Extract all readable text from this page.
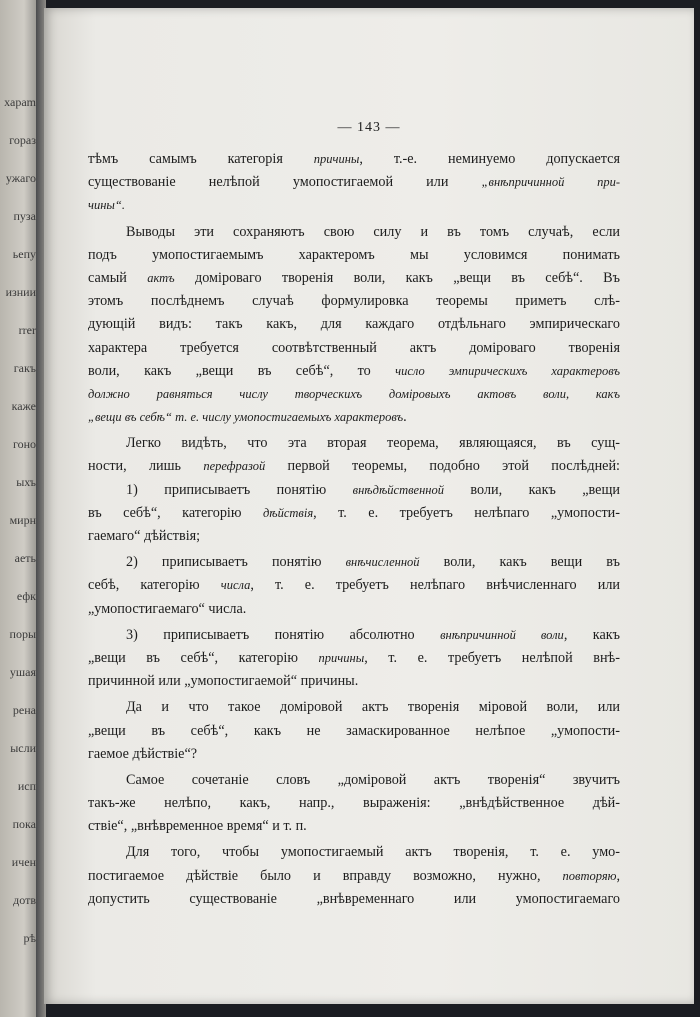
хараm
гораз
ужаго
пуза
ьепу
изнии
rrer
гакъ
каже
гоно
ыхъ
мирн
аеть
ефк
поры
ушая
рена
ысли
исп
пока
ичен
дотв
рѣ
— 143 —
тѣмъ самымъ категорія причины, т.-е. неминуемо допускается
существованіе нелѣпой умопостигаемой или „внѣпричинной при-
чины“.
Выводы эти сохраняютъ свою силу и въ томъ случаѣ, если
подъ умопостигаемымъ характеромъ мы условимся понимать
самый актъ доміроваго творенія воли, какъ „вещи въ себѣ“. Въ
этомъ послѣднемъ случаѣ формулировка теоремы приметъ слѣ-
дующій видъ: такъ какъ, для каждаго отдѣльнаго эмпирическаго
характера требуется соотвѣтственный актъ доміроваго творенія
воли, какъ „вещи въ себѣ“, то число эмпирическихъ характеровъ
должно равняться числу творческихъ доміровыхъ актовъ воли, какъ
„вещи въ себѣ“ т. е. числу умопостигаемыхъ характеровъ.
Легко видѣть, что эта вторая теорема, являющаяся, въ сущ-
ности, лишь перефразой первой теоремы, подобно этой послѣдней:
1) приписываетъ понятію внѣдѣйственной воли, какъ „вещи
въ себѣ“, категорію дѣйствія, т. е. требуетъ нелѣпаго „умопости-
гаемаго“ дѣйствія;
2) приписываетъ понятію внѣчисленной воли, какъ вещи въ
себѣ, категорію числа, т. е. требуетъ нелѣпаго внѣчисленнаго или
„умопостигаемаго“ числа.
3) приписываетъ понятію абсолютно внѣпричинной воли, какъ
„вещи въ себѣ“, категорію причины, т. е. требуетъ нелѣпой внѣ-
причинной или „умопостигаемой“ причины.
Да и что такое доміровой актъ творенія міровой воли, или
„вещи въ себѣ“, какъ не замаскированное нелѣпое „умопости-
гаемое дѣйствіе“?
Самое сочетаніе словъ „доміровой актъ творенія“ звучитъ
такъ-же нелѣпо, какъ, напр., выраженія: „внѣдѣйственное дѣй-
ствіе“, „внѣвременное время“ и т. п.
Для того, чтобы умопостигаемый актъ творенія, т. е. умо-
постигаемое дѣйствіе было и вправду возможно, нужно, повторяю,
допустить существованіе „внѣвременнаго или умопостигаемаго
